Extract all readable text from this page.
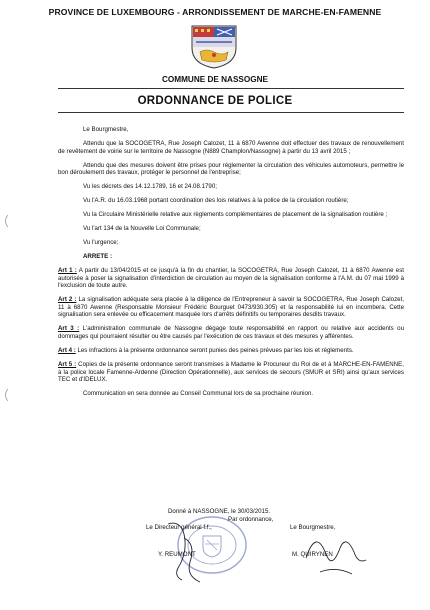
PROVINCE DE LUXEMBOURG - ARRONDISSEMENT DE MARCHE-EN-FAMENNE
COMMUNE DE NASSOGNE
ORDONNANCE DE POLICE

Le Bourgmestre,

Attendu que la SOCOGETRA, Rue Joseph Calozet, 11 à 6870 Awenne doit effectuer des travaux de renouvellement de revêtement de voirie sur le territoire de Nassogne (N889 Champlon/Nassogne) à partir du 13 avril 2015 ;

Attendu que des mesures doivent être prises pour réglementer la circulation des véhicules automoteurs, permettre le bon déroulement des travaux, protéger le personnel de l'entreprise;

Vu les décrets des 14.12.1789, 16 et 24.08.1790;

Vu l'A.R. du 16.03.1968 portant coordination des lois relatives à la police de la circulation routière;

Vu la Circulaire Ministérielle relative aux règlements complémentaires de placement de la signalisation routière ;

Vu l'art 134 de la Nouvelle Loi Communale;

Vu l'urgence;

ARRETE :

Art 1 : A partir du 13/04/2015 et ce jusqu'à la fin du chantier, la SOCOGETRA, Rue Joseph Calozet, 11 à 6870 Awenne est autorisée à poser la signalisation d'interdiction de circulation au moyen de la signalisation conforme à l'A.M. du 07 mai 1999 à l'exclusion de toute autre.

Art 2 : La signalisation adéquate sera placée à la diligence de l'Entrepreneur à savoir la SOCOGETRA, Rue Joseph Calozet, 11 à 6870 Awenne (Responsable Monsieur Frédéric Bourguet 0473/930.305) et la responsabilité lui en incombera. Cette signalisation sera enlevée ou efficacement masquée lors d'arrêts définitifs ou temporaires desdits travaux.

Art 3 : L'administration communale de Nassogne dégage toute responsabilité en rapport ou relative aux accidents ou dommages qui pourraient résulter ou être causés par l'exécution de ces travaux et des mesures y afférentes.

Art 4 : Les infractions à la présente ordonnance seront punies des peines prévues par les lois et règlements.

Art 5 : Copies de la présente ordonnance seront transmises à Madame le Procureur du Roi de et à MARCHE-EN-FAMENNE, à la police locale Famenne-Ardenne (Direction Opérationnelle), aux services de secours (SMUR et SRI) ainsi qu'aux services TEC et d'IDELUX.

Communication en sera donnée au Conseil Communal lors de sa prochaine réunion.

Donné à NASSOGNE, le 30/03/2015.
Par ordonnance,
Le Directeur général f.f.,	Le Bourgmestre,
Y. REUMONT	M. QUIRYNEN
